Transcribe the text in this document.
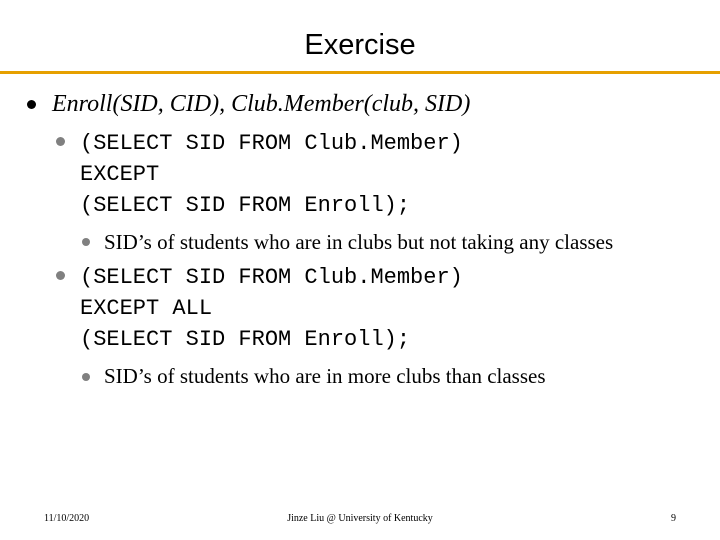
Exercise
Enroll(SID, CID), Club.Member(club, SID)
(SELECT SID FROM Club.Member)
EXCEPT
(SELECT SID FROM Enroll);
SID’s of students who are in clubs but not taking any classes
(SELECT SID FROM Club.Member)
EXCEPT ALL
(SELECT SID FROM Enroll);
SID’s of students who are in more clubs than classes
11/10/2020	Jinze Liu @ University of Kentucky	9
